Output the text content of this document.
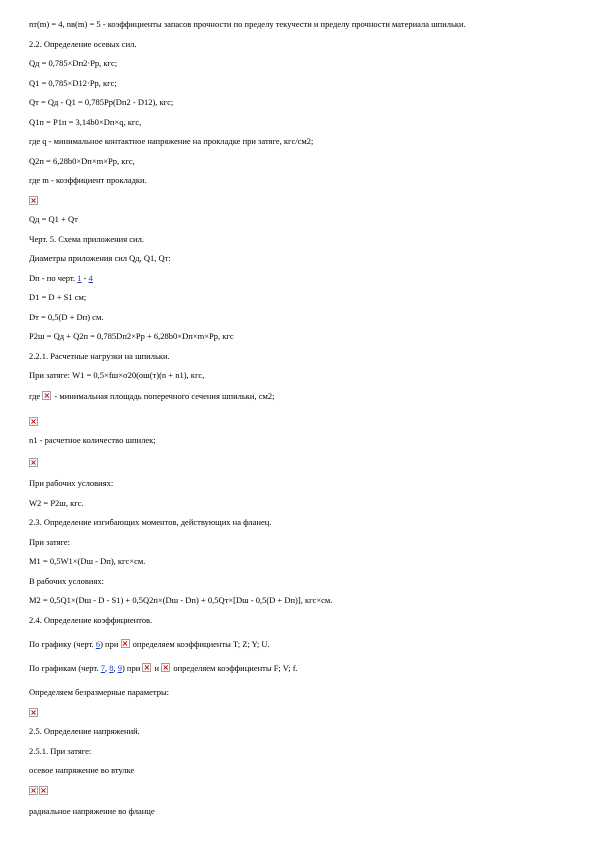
nт(m) = 4, nв(m) = 5 - коэффициенты запасов прочности по пределу текучести и пределу прочности материала шпильки.
2.2. Определение осевых сил.
Qд = 0,785×Dп2·Pр, кгс;
Q1 = 0,785×D12·Pр, кгс;
Qт = Qд - Q1 = 0,785Pр(Dп2 - D12), кгс;
Q1п = P1п = 3,14b0×Dп×q, кгс,
где q - минимальное контактное напряжение на прокладке при затяге, кгс/см2;
Q2п = 6,28b0×Dп×m×Pр, кгс,
где m - коэффициент прокладки.
×
Qд = Q1 + Qт
Черт. 5. Схема приложения сил.
Диаметры приложения сил Qд, Q1, Qт:
Dп - по черт. 1 - 4
D1 = D + S1 см;
Dт = 0,5(D + Dп) см.
P2ш = Qд + Q2п = 0,785Dп2×Pр + 6,28b0×Dп×m×Pр, кгс
2.2.1. Расчетные нагрузки на шпильки.
При затяге: W1 = 0,5×fш×σ20(ош(т)(n + n1), кгс,
где × - минимальная площадь поперечного сечения шпильки, см2;
×
n1 - расчетное количество шпилек;
×
При рабочих условиях:
W2 = P2ш, кгс.
2.3. Определение изгибающих моментов, действующих на фланец.
При затяге:
M1 = 0,5W1×(Dш - Dп), кгс×см.
В рабочих условиях:
M2 = 0,5Q1×(Dш - D - S1) + 0,5Q2п×(Dш - Dп) + 0,5Qт×[Dш - 0,5(D + Dп)], кгс×см.
2.4. Определение коэффициентов.
По графику (черт. 6) при × определяем коэффициенты T; Z; Y; U.
По графикам (черт. 7, 8, 9) при × и × определяем коэффициенты F; V; f.
Определяем безразмерные параметры:
×
2.5. Определение напряжений.
2.5.1. При затяге:
осевое напряжение во втулке
××
радиальное напряжение во фланце
